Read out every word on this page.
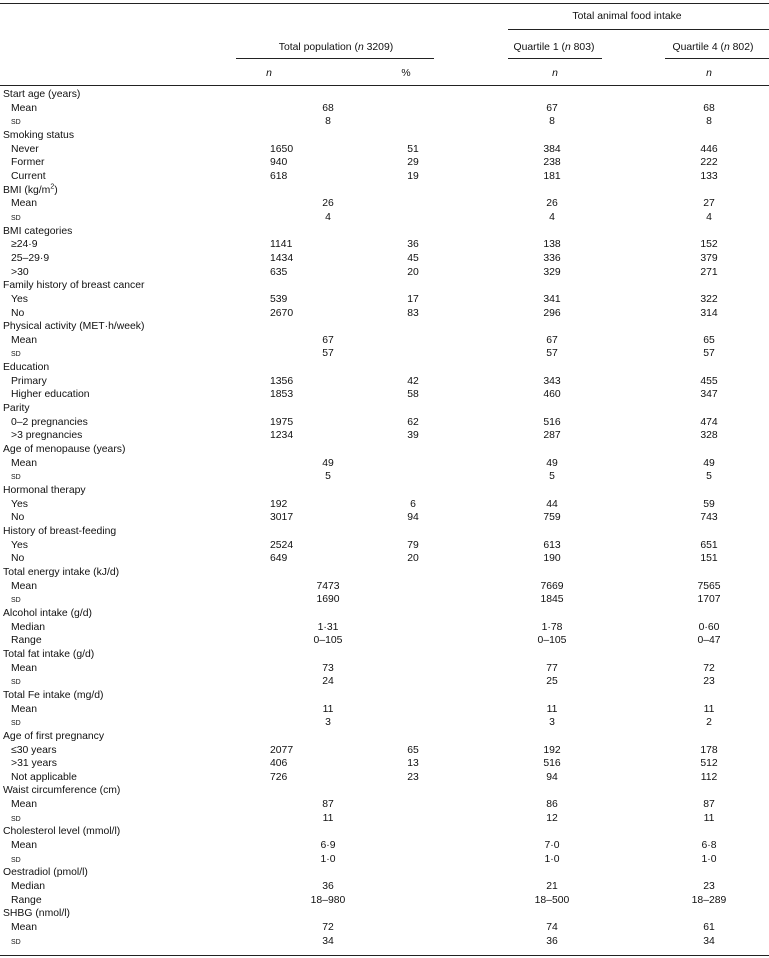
Total animal food intake
Total population (n 3209)	Quartile 1 (n 803)	Quartile 4 (n 802)
n	%	n	n
Start age (years)
Mean	68	67	68
sd	8	8	8
Smoking status
Never	1650	51	384	446
Former	940	29	238	222
Current	618	19	181	133
BMI $(kg/m^2)$
Mean	26	26	27
sd	4	4	4
BMI categories
≥24·9	1141	36	138	152
25–29·9	1434	45	336	379
>30	635	20	329	271
Family history of breast cancer
Yes	539	17	341	322
No	2670	83	296	314
Physical activity (MET·h/week)
Mean	67	67	65
sd	57	57	57
Education
Primary	1356	42	343	455
Higher education	1853	58	460	347
Parity
0–2 pregnancies	1975	62	516	474
>3 pregnancies	1234	39	287	328
Age of menopause (years)
Mean	49	49	49
sd	5	5	5
Hormonal therapy
Yes	192	6	44	59
No	3017	94	759	743
History of breast-feeding
Yes	2524	79	613	651
No	649	20	190	151
Total energy intake (kJ/d)
Mean	7473	7669	7565
sd	1690	1845	1707
Alcohol intake (g/d)
Median	1·31	1·78	0·60
Range	0–105	0–105	0–47
Total fat intake (g/d)
Mean	73	77	72
sd	24	25	23
Total Fe intake (mg/d)
Mean	11	11	11
sd	3	3	2
Age of first pregnancy
≤30 years	2077	65	192	178
>31 years	406	13	516	512
Not applicable	726	23	94	112
Waist circumference (cm)
Mean	87	86	87
sd	11	12	11
Cholesterol level (mmol/l)
Mean	6·9	7·0	6·8
sd	1·0	1·0	1·0
Oestradiol (pmol/l)
Median	36	21	23
Range	18–980	18–500	18–289
SHBG (nmol/l)
Mean	72	74	61
sd	34	36	34
